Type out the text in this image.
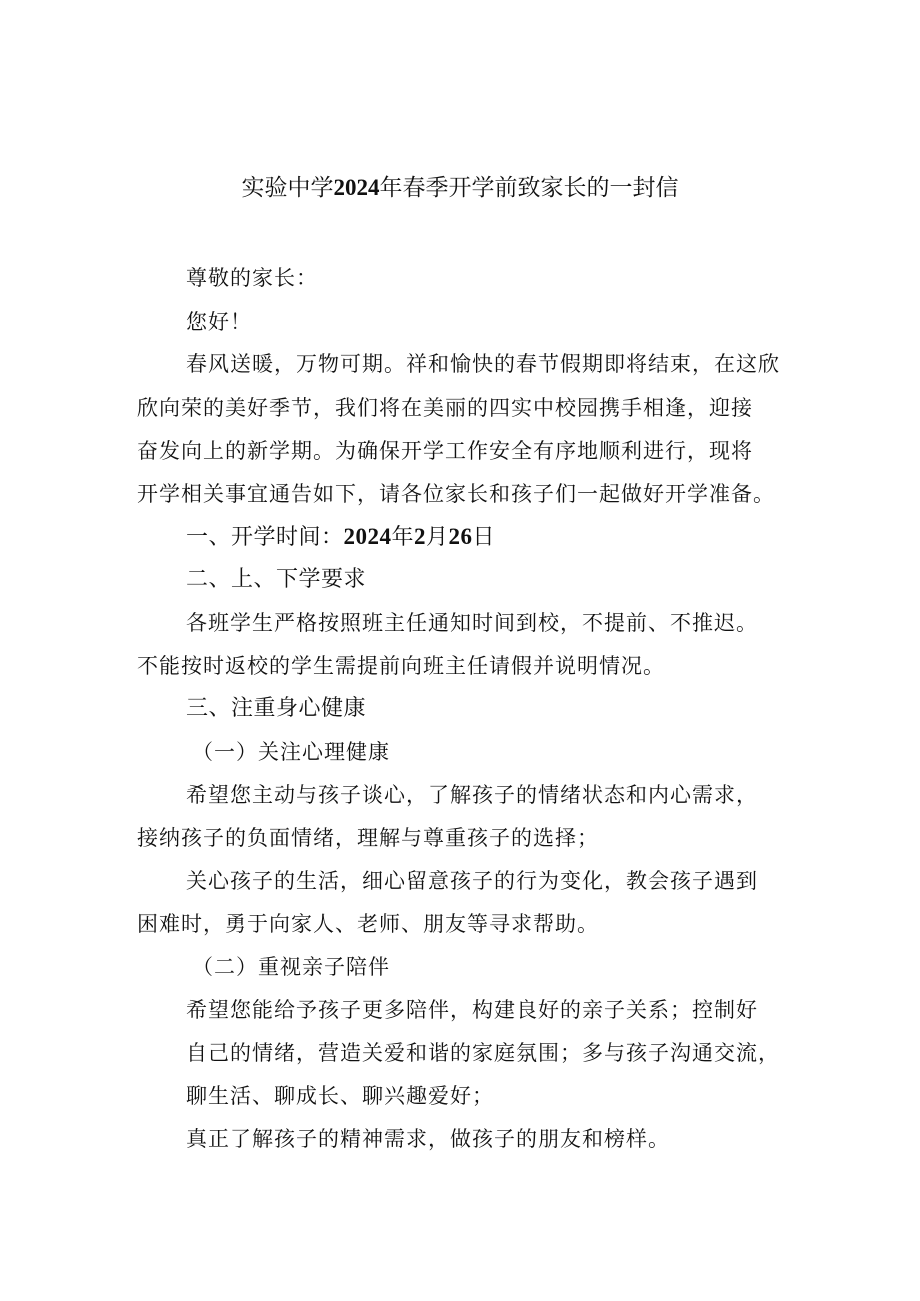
实验中学2024年春季开学前致家长的一封信
尊敬的家长：
您好！
春风送暖，万物可期。祥和愉快的春节假期即将结束，在这欣
欣向荣的美好季节，我们将在美丽的四实中校园携手相逢，迎接
奋发向上的新学期。为确保开学工作安全有序地顺利进行，现将
开学相关事宜通告如下，请各位家长和孩子们一起做好开学准备。
一、开学时间：2024年2月26日
二、上、下学要求
各班学生严格按照班主任通知时间到校，不提前、不推迟。
不能按时返校的学生需提前向班主任请假并说明情况。
三、注重身心健康
（一）关注心理健康
希望您主动与孩子谈心，了解孩子的情绪状态和内心需求，
接纳孩子的负面情绪，理解与尊重孩子的选择；
关心孩子的生活，细心留意孩子的行为变化，教会孩子遇到
困难时，勇于向家人、老师、朋友等寻求帮助。
（二）重视亲子陪伴
希望您能给予孩子更多陪伴，构建良好的亲子关系；控制好
自己的情绪，营造关爱和谐的家庭氛围；多与孩子沟通交流，
聊生活、聊成长、聊兴趣爱好；
真正了解孩子的精神需求，做孩子的朋友和榜样。
